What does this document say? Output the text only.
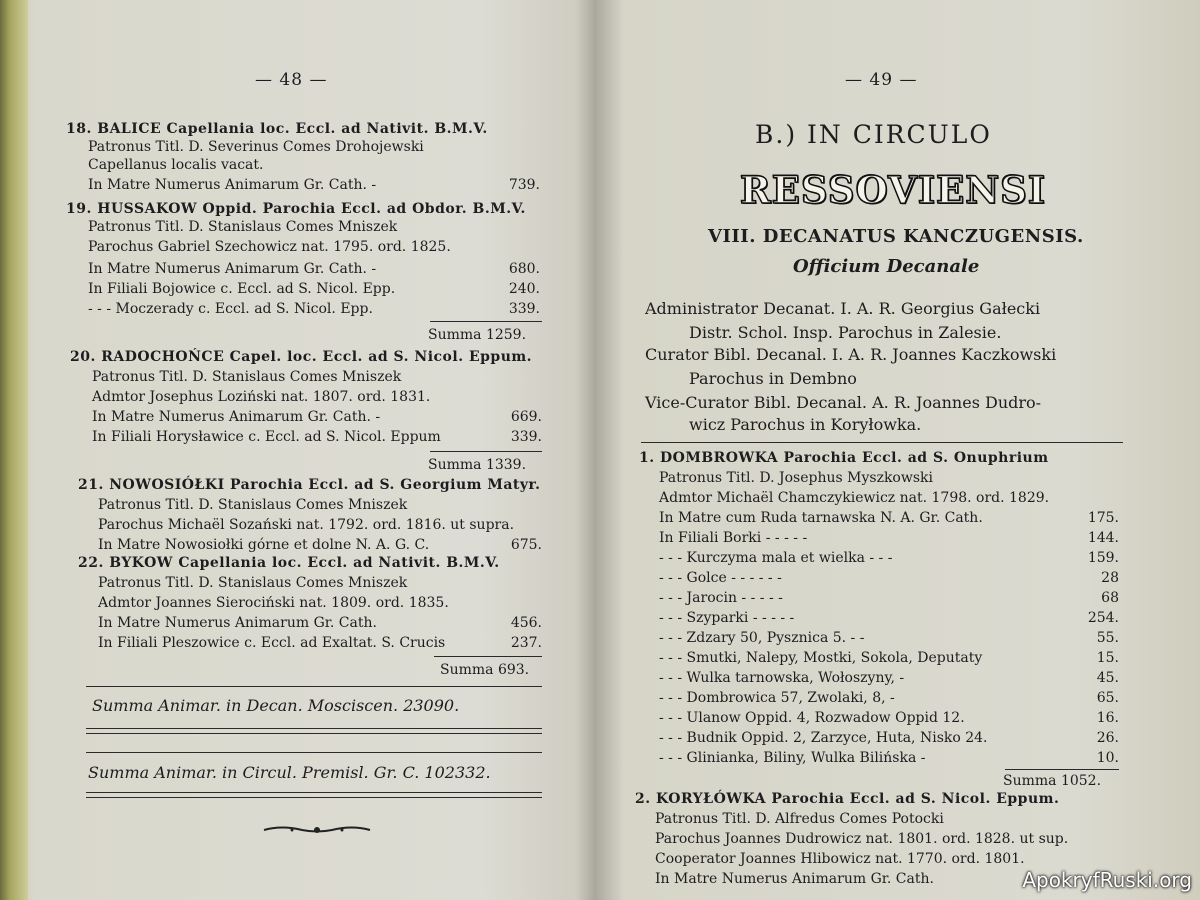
— 48 —
18. BALICE Capellania loc. Eccl. ad Nativit. B.M.V.
Patronus Titl. D. Severinus Comes Drohojewski
Capellanus localis vacat.
In Matre Numerus Animarum Gr. Cath. -	739.
19. HUSSAKOW Oppid. Parochia Eccl. ad Obdor. B.M.V.
Patronus Titl. D. Stanislaus Comes Mniszek
Parochus Gabriel Szechowicz nat. 1795. ord. 1825.
In Matre Numerus Animarum Gr. Cath. -	680.
In Filiali Bojowice c. Eccl. ad S. Nicol. Epp.	240.
- - - Moczerady c. Eccl. ad S. Nicol. Epp.	339.
Summa 1259.
20. RADOCHOŃCE Capel. loc. Eccl. ad S. Nicol. Eppum.
Patronus Titl. D. Stanislaus Comes Mniszek
Admtor Josephus Loziński nat. 1807. ord. 1831.
In Matre Numerus Animarum Gr. Cath. -	669.
In Filiali Horysławice c. Eccl. ad S. Nicol. Eppum	339.
Summa 1339.
21. NOWOSIÓŁKI Parochia Eccl. ad S. Georgium Matyr.
Patronus Titl. D. Stanislaus Comes Mniszek
Parochus Michaël Sozański nat. 1792. ord. 1816. ut supra.
In Matre Nowosiołki górne et dolne N. A. G. C.	675.
22. BYKOW Capellania loc. Eccl. ad Nativit. B.M.V.
Patronus Titl. D. Stanislaus Comes Mniszek
Admtor Joannes Sierociński nat. 1809. ord. 1835.
In Matre Numerus Animarum Gr. Cath.	456.
In Filiali Pleszowice c. Eccl. ad Exaltat. S. Crucis	237.
Summa 693.
Summa Animar. in Decan. Mosciscen. 23090.
Summa Animar. in Circul. Premisl. Gr. C. 102332.
— 49 —
B.) IN CIRCULO
RESSOVIENSI
VIII. DECANATUS KANCZUGENSIS.
Officium Decanale
Administrator Decanat. I. A. R. Georgius Gałecki
Distr. Schol. Insp. Parochus in Zalesie.
Curator Bibl. Decanal. I. A. R. Joannes Kaczkowski
Parochus in Dembno
Vice-Curator Bibl. Decanal. A. R. Joannes Dudro-
wicz Parochus in Koryłowka.
1. DOMBROWKA Parochia Eccl. ad S. Onuphrium
Patronus Titl. D. Josephus Myszkowski
Admtor Michaël Chamczykiewicz nat. 1798. ord. 1829.
In Matre cum Ruda tarnawska N. A. Gr. Cath.	175.
In Filiali Borki - - - - -	144.
- - - Kurczyma mala et wielka - - -	159.
- - - Golce - - - - - -	28
- - - Jarocin - - - - -	68
- - - Szyparki - - - - -	254.
- - - Zdzary 50, Pysznica 5. - -	55.
- - - Smutki, Nalepy, Mostki, Sokola, Deputaty	15.
- - - Wulka tarnowska, Wołoszyny, -	45.
- - - Dombrowica 57, Zwolaki, 8, -	65.
- - - Ulanow Oppid. 4, Rozwadow Oppid 12.	16.
- - - Budnik Oppid. 2, Zarzyce, Huta, Nisko 24.	26.
- - - Glinianka, Biliny, Wulka Bilińska -	10.
Summa 1052.
2. KORYŁÓWKA Parochia Eccl. ad S. Nicol. Eppum.
Patronus Titl. D. Alfredus Comes Potocki
Parochus Joannes Dudrowicz nat. 1801. ord. 1828. ut sup.
Cooperator Joannes Hlibowicz nat. 1770. ord. 1801.
In Matre Numerus Animarum Gr. Cath.	ApokryfRuski.org
